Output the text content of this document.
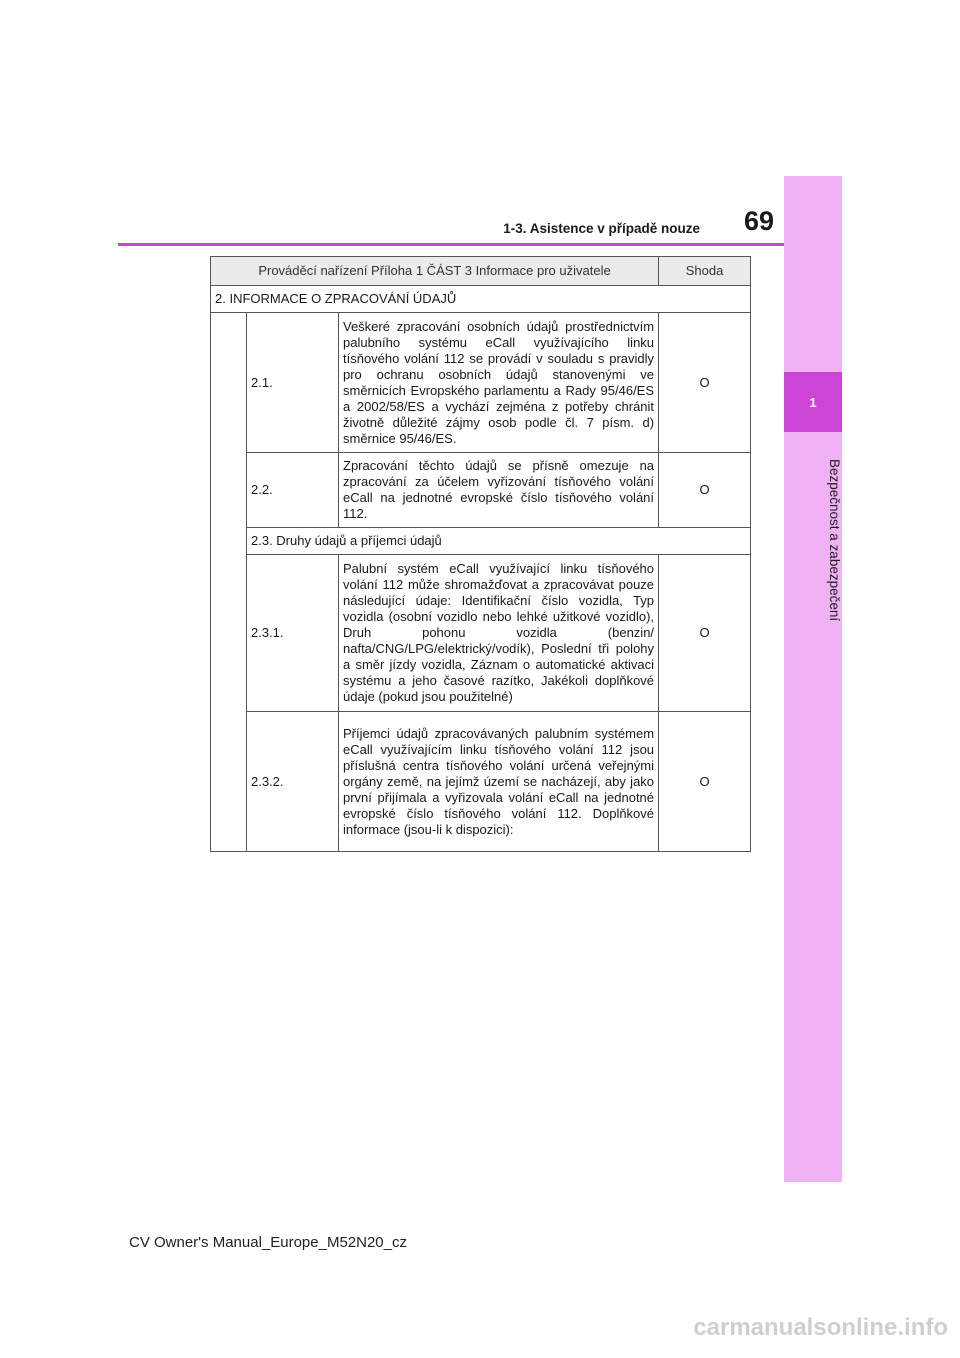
1
Bezpečnost a zabezpečení
69
1-3. Asistence v případě nouze
Prováděcí nařízení Příloha 1 ČÁST 3 Informace pro uživatele			Shoda
2. INFORMACE O ZPRACOVÁNÍ ÚDAJŮ			
	2.1.	Veškeré zpracování osobních údajů prostřednictvím palubního systému eCall využívajícího linku tísňového volání 112 se provádí v souladu s pravidly pro ochranu osobních údajů stanovenými ve směrnicích Evropského parlamentu a Rady 95/46/ES a 2002/58/ES a vychází zejména z potřeby chránit životně důležité zájmy osob podle čl. 7 písm. d) směrnice 95/46/ES.	O
	2.2.	Zpracování těchto údajů se přísně omezuje na zpracování za účelem vyřizování tísňového volání eCall na jednotné evropské číslo tísňového volání 112.	O
	2.3. Druhy údajů a příjemci údajů		
	2.3.1.	Palubní systém eCall využívající linku tísňového volání 112 může shromažďovat a zpracovávat pouze následující údaje: Identifikační číslo vozidla, Typ vozidla (osobní vozidlo nebo lehké užitkové vozidlo), Druh pohonu vozidla (benzin/ nafta/CNG/LPG/elektrický/vodík), Poslední tři polohy a směr jízdy vozidla, Záznam o automatické aktivaci systému a jeho časové razítko, Jakékoli doplňkové údaje (pokud jsou použitelné)	O
	2.3.2.	Příjemci údajů zpracovávaných palubním systémem eCall využívajícím linku tísňového volání 112 jsou příslušná centra tísňového volání určená veřejnými orgány země, na jejímž území se nacházejí, aby jako první přijímala a vyřizovala volání eCall na jednotné evropské číslo tísňového volání 112. Doplňkové informace (jsou-li k dispozici):	O
CV Owner's Manual_Europe_M52N20_cz
carmanualsonline.info
